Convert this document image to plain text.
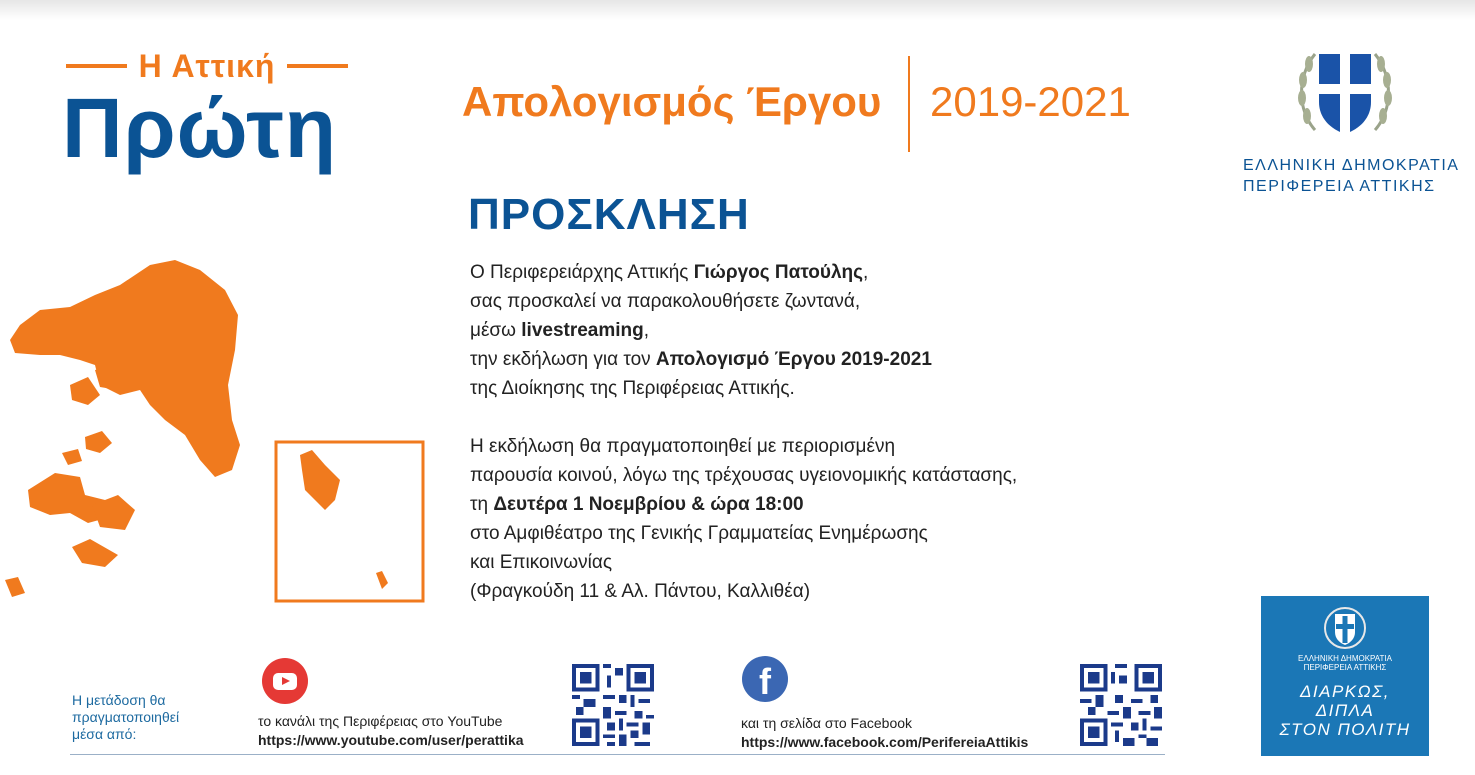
Η Αττική
Πρώτη	Απολογισμός Έργου 2019-2021
ΕΛΛΗΝΙΚΗ ΔΗΜΟΚΡΑΤΙΑ
ΠΕΡΙΦΕΡΕΙΑ ΑΤΤΙΚΗΣ
ΠΡΟΣΚΛΗΣΗ

Ο Περιφερειάρχης Αττικής Γιώργος Πατούλης,

σας προσκαλεί να παρακολουθήσετε ζωντανά,

μέσω livestreaming,

την εκδήλωση για τον Απολογισμό Έργου 2019-2021

της Διοίκησης της Περιφέρειας Αττικής.

Η εκδήλωση θα πραγματοποιηθεί με περιορισμένη

παρουσία κοινού, λόγω της τρέχουσας υγειονομικής κατάστασης,

τη Δευτέρα 1 Νοεμβρίου & ώρα 18:00

στο Αμφιθέατρο της Γενικής Γραμματείας Ενημέρωσης

και Επικοινωνίας

(Φραγκούδη 11 & Αλ. Πάντου, Καλλιθέα)

Η μετάδοση θα
πραγματοποιηθεί
μέσα από:
το κανάλι της Περιφέρειας στο YouTube
https://www.youtube.com/user/perattika
f
και τη σελίδα στο Facebook
https://www.facebook.com/PerifereiaAttikis
ΕΛΛΗΝΙΚΗ ΔΗΜΟΚΡΑΤΙΑ
ΠΕΡΙΦΕΡΕΙΑ ΑΤΤΙΚΗΣ
ΔΙΑΡΚΩΣ,
ΔΙΠΛΑ
ΣΤΟΝ ΠΟΛΙΤΗ
